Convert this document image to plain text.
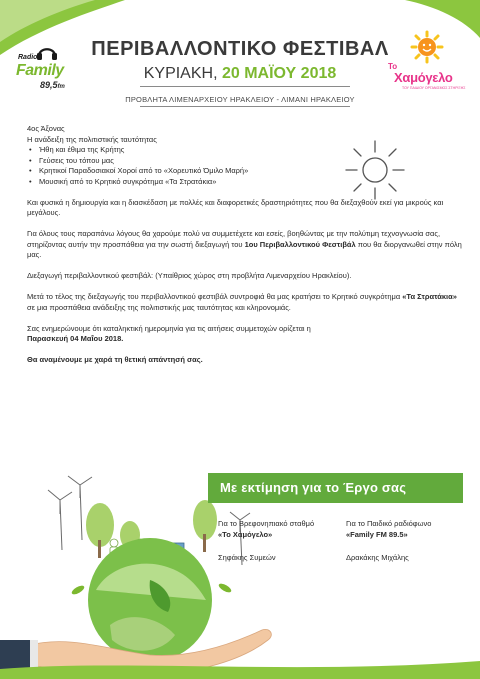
Radio
Family
89,5fm
ΠΕΡΙΒΑΛΛΟΝΤΙΚΟ ΦΕΣΤΙΒΑΛ
ΚΥΡΙΑΚΗ, 20 ΜΑΪΟΥ 2018
ΠΡΟΒΛΗΤΑ ΛΙΜΕΝΑΡΧΕΙΟΥ ΗΡΑΚΛΕΙΟΥ - ΛΙΜΑΝΙ ΗΡΑΚΛΕΙΟΥ
Το
Χαμόγελο
ΤΟΥ ΠΑΙΔΙΟΥ ΟΡΓΑΝΙΣΜΟΣ ΣΤΗΡΙΞΗΣ

4ος Άξονας

Η ανάδειξη της πολιτιστικής ταυτότητας

• Ήθη και έθιμα της Κρήτης
• Γεύσεις του τόπου μας
• Κρητικοί Παραδοσιακοί Χοροί από το «Χορευτικό Όμιλο Μαρή»
• Μουσική από το Κρητικό συγκρότημα «Τα Στρατάκια»

Και φυσικά η δημιουργία και η διασκέδαση με πολλές και διαφορετικές δραστηριότητες που θα διεξαχθούν εκεί για μικρούς και μεγάλους.

Για όλους τους παραπάνω λόγους θα χαρούμε πολύ να συμμετέχετε και εσείς, βοηθώντας με την πολύτιμη τεχνογνωσία σας, στηρίζοντας αυτήν την προσπάθεια για την σωστή διεξαγωγή του 1ου Περιβαλλοντικού Φεστιβάλ που θα διοργανωθεί στην πόλη μας.

Διεξαγωγή περιβαλλοντικού φεστιβάλ: (Υπαίθριος χώρος στη προβλήτα Λιμεναρχείου Ηρακλείου).

Μετά το τέλος της διεξαγωγής του περιβαλλοντικού φεστιβάλ συντροφιά θα μας κρατήσει το Κρητικό συγκρότημα «Τα Στρατάκια» σε μια προσπάθεια ανάδειξης της πολιτιστικής μας ταυτότητας και κληρονομιάς.

Σας ενημερώνουμε ότι καταληκτική ημερομηνία για τις αιτήσεις συμμετοχών ορίζεται η

Παρασκευή 04 Μαΐου 2018.

Θα αναμένουμε με χαρά τη θετική απάντησή σας.

Με εκτίμηση για το Έργο σας
Για το Βρεφονηπιακό σταθμό
«Το Χαμόγελο»
Σηφάκης Συμεών
Για το Παιδικό ραδιόφωνο
«Family FM 89.5»
Δρακάκης Μιχάλης
